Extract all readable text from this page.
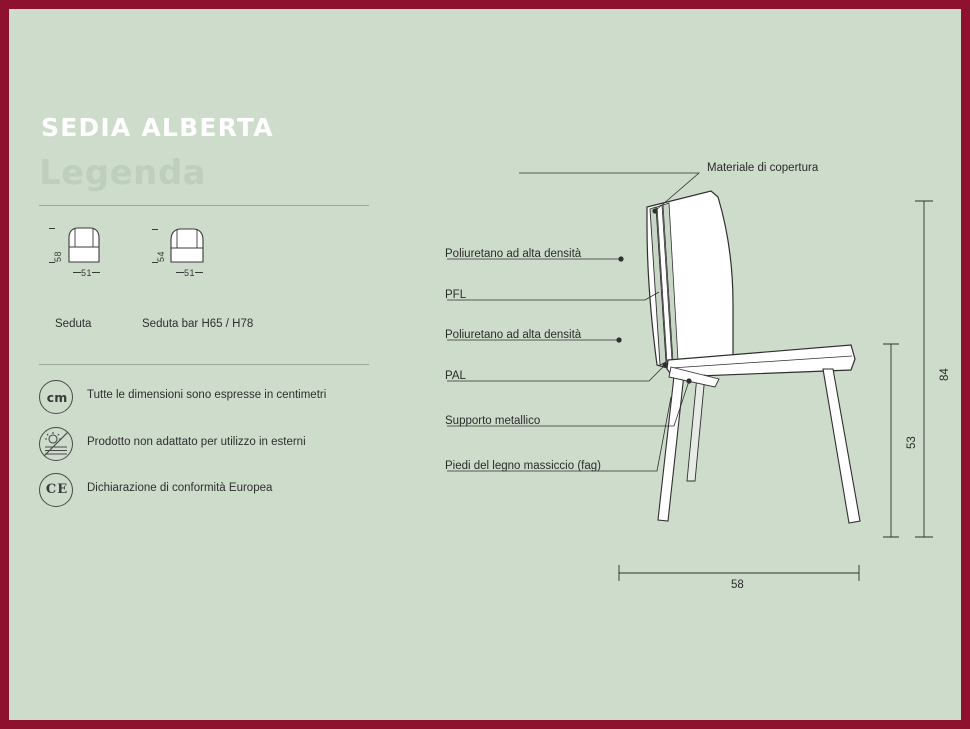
SEDIA ALBERTA
Legenda
58
51
Seduta
54
51
Seduta bar H65 / H78
cm	Tutte le dimensioni sono espresse in centimetri
Prodotto non adattato per utilizzo in esterni
CE	Dichiarazione di conformità Europea
Materiale di copertura
Poliuretano ad alta densità
PFL
Poliuretano ad alta densità
PAL
Supporto metallico
Piedi del legno massiccio (fag)
84
53
58
